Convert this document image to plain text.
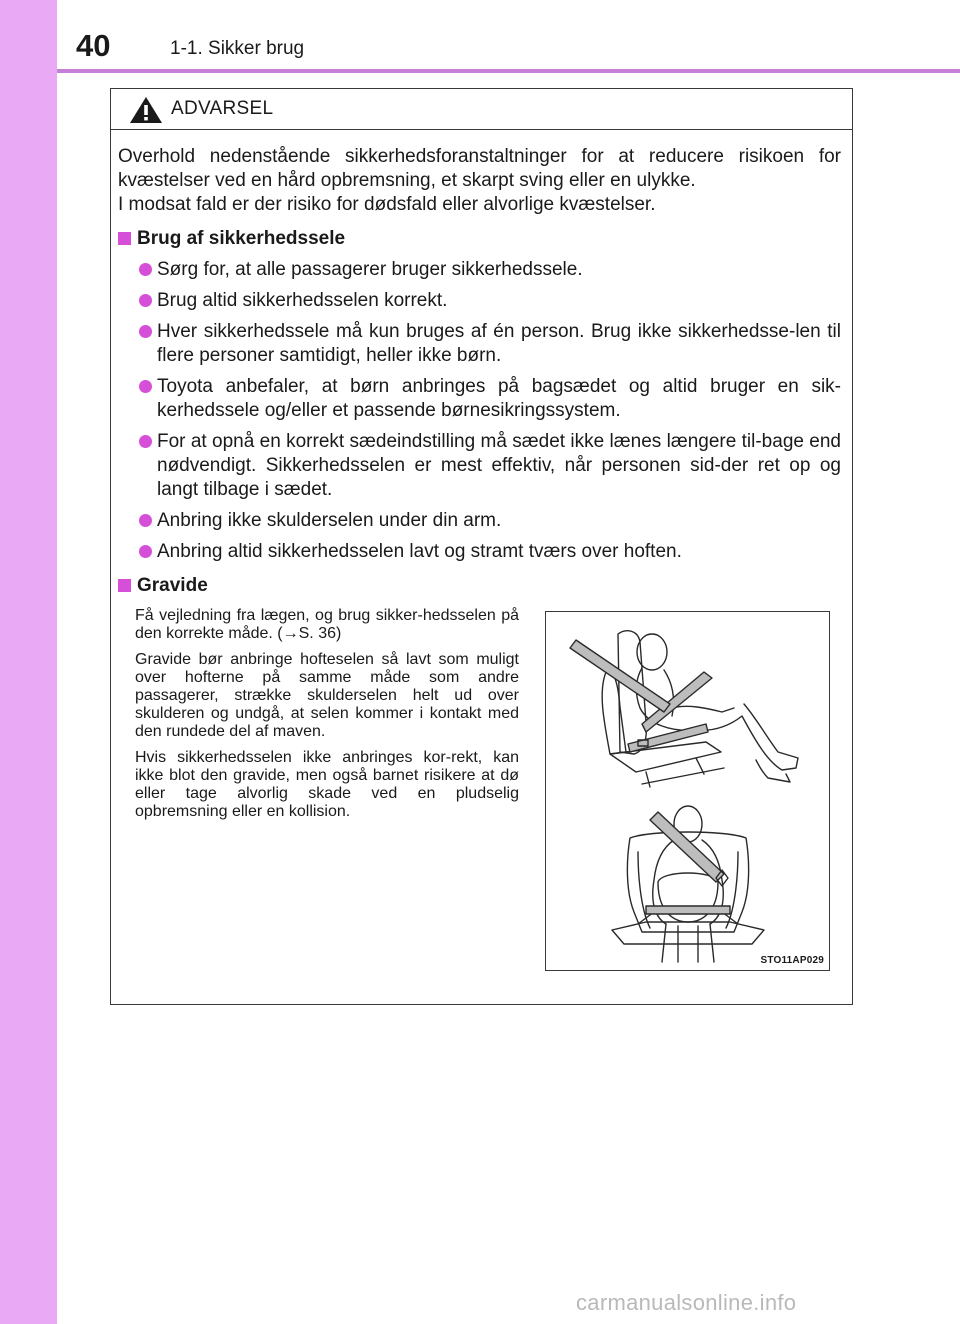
40	1-1. Sikker brug
ADVARSEL

Overhold nedenstående sikkerhedsforanstaltninger for at reducere risikoen for kvæstelser ved en hård opbremsning, et skarpt sving eller en ulykke.

I modsat fald er der risiko for dødsfald eller alvorlige kvæstelser.

Brug af sikkerhedssele
Sørg for, at alle passagerer bruger sikkerhedssele.
Brug altid sikkerhedsselen korrekt.
Hver sikkerhedssele må kun bruges af én person. Brug ikke sikkerhedsse-len til flere personer samtidigt, heller ikke børn.
Toyota anbefaler, at børn anbringes på bagsædet og altid bruger en sik-kerhedssele og/eller et passende børnesikringssystem.
For at opnå en korrekt sædeindstilling må sædet ikke lænes længere til-bage end nødvendigt. Sikkerhedsselen er mest effektiv, når personen sid-der ret op og langt tilbage i sædet.
Anbring ikke skulderselen under din arm.
Anbring altid sikkerhedsselen lavt og stramt tværs over hoften.
Gravide

Få vejledning fra lægen, og brug sikker-hedsselen på den korrekte måde. (→S. 36)

Gravide bør anbringe hofteselen så lavt som muligt over hofterne på samme måde som andre passagerer, strække skulderselen helt ud over skulderen og undgå, at selen kommer i kontakt med den rundede del af maven.

Hvis sikkerhedsselen ikke anbringes kor-rekt, kan ikke blot den gravide, men også barnet risikere at dø eller tage alvorlig skade ved en pludselig opbremsning eller en kollision.

STO11AP029
carmanualsonline.info
